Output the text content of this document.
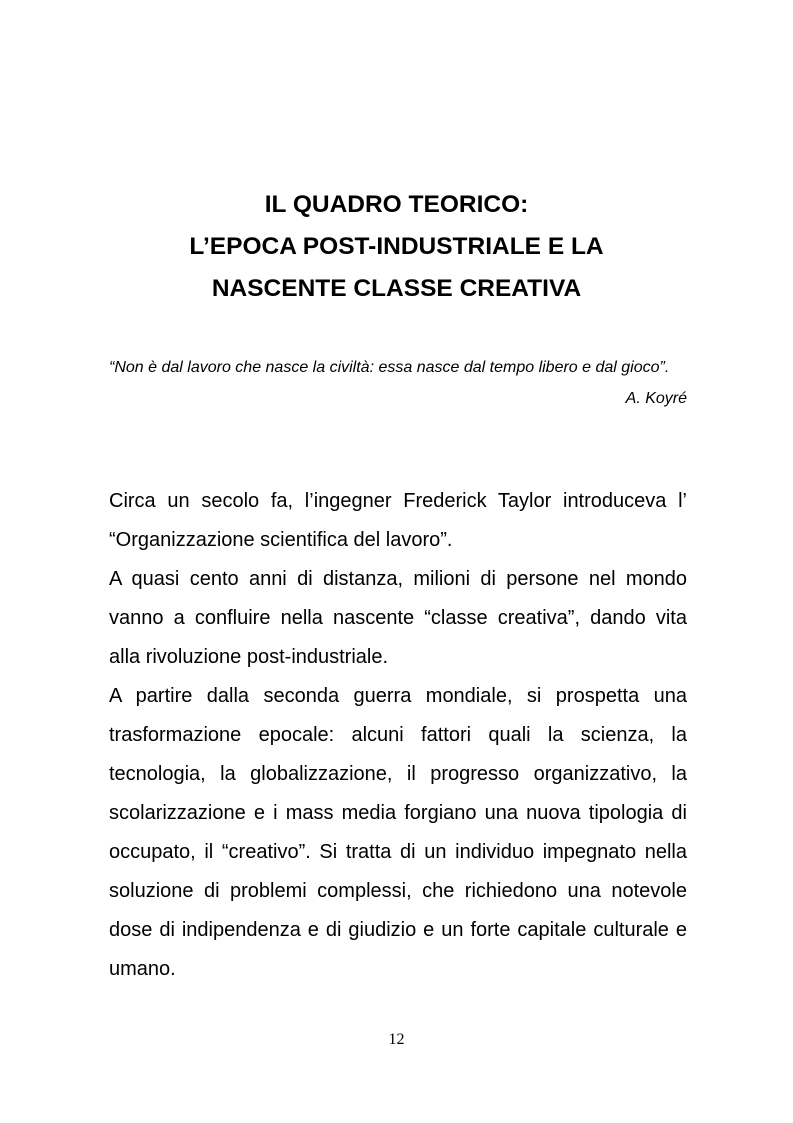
IL QUADRO TEORICO:
L’EPOCA POST-INDUSTRIALE E LA
NASCENTE CLASSE CREATIVA
“Non è dal lavoro che nasce la civiltà: essa nasce dal tempo libero e dal gioco”.
A. Koyré

Circa un secolo fa, l’ingegner Frederick Taylor introduceva l’ “Organizzazione scientifica del lavoro”.

A quasi cento anni di distanza, milioni di persone nel mondo vanno a confluire nella nascente “classe creativa”, dando vita alla rivoluzione post-industriale.

A partire dalla seconda guerra mondiale, si prospetta una trasformazione epocale: alcuni fattori quali la scienza, la tecnologia, la globalizzazione, il progresso organizzativo, la scolarizzazione e i mass media forgiano una nuova tipologia di occupato, il “creativo”. Si tratta di un individuo impegnato nella soluzione di problemi complessi, che richiedono una notevole dose di indipendenza e di giudizio e un forte capitale culturale e umano.

12
